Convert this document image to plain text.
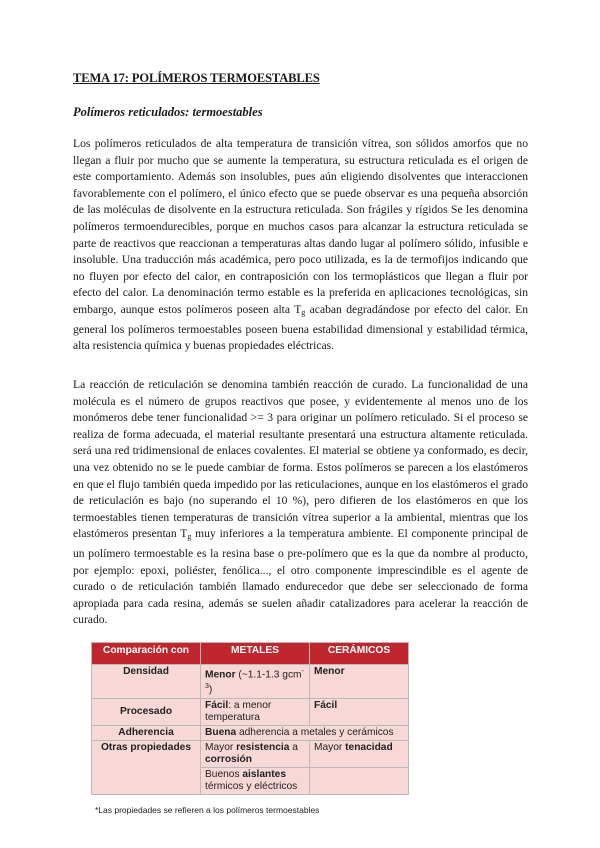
TEMA 17: POLÍMEROS TERMOESTABLES
Polímeros reticulados: termoestables

Los polímeros reticulados de alta temperatura de transición vítrea, son sólidos amorfos que no llegan a fluir por mucho que se aumente la temperatura, su estructura reticulada es el origen de este comportamiento. Además son insolubles, pues aún eligiendo disolventes que interaccionen favorablemente con el polímero, el único efecto que se puede observar es una pequeña absorción de las moléculas de disolvente en la estructura reticulada. Son frágiles y rígidos Se les denomina polímeros termoendurecibles, porque en muchos casos para alcanzar la estructura reticulada se parte de reactivos que reaccionan a temperaturas altas dando lugar al polímero sólido, infusible e insoluble. Una traducción más académica, pero poco utilizada, es la de termofijos indicando que no fluyen por efecto del calor, en contraposición con los termoplásticos que llegan a fluir por efecto del calor. La denominación termo estable es la preferida en aplicaciones tecnológicas, sin embargo, aunque estos polímeros poseen alta $T_g$ acaban degradándose por efecto del calor. En general los polímeros termoestables poseen buena estabilidad dimensional y estabilidad térmica, alta resistencia química y buenas propiedades eléctricas.

La reacción de reticulación se denomina también reacción de curado. La funcionalidad de una molécula es el número de grupos reactivos que posee, y evidentemente al menos uno de los monómeros debe tener funcionalidad >= 3 para originar un polímero reticulado. Si el proceso se realiza de forma adecuada, el material resultante presentará una estructura altamente reticulada. será una red tridimensional de enlaces covalentes. El material se obtiene ya conformado, es decir, una vez obtenido no se le puede cambiar de forma. Estos polímeros se parecen a los elastómeros en que el flujo también queda impedido por las reticulaciones, aunque en los elastómeros el grado de reticulación es bajo (no superando el 10 %), pero difieren de los elastómeros en que los termoestables tienen temperaturas de transición vítrea superior a la ambiental, mientras que los elastómeros presentan $T_g$ muy inferiores a la temperatura ambiente. El componente principal de un polímero termoestable es la resina base o pre-polímero que es la que da nombre al producto, por ejemplo: epoxi, poliéster, fenólica..., el otro componente imprescindible es el agente de curado o de reticulación también llamado endurecedor que debe ser seleccionado de forma apropiada para cada resina, además se suelen añadir catalizadores para acelerar la reacción de curado.

Comparación con	METALES	CERÁMICOS
Densidad	Menor (~1.1-1.3 gcm$^{-3}$)	Menor
Procesado	Fácil: a menor temperatura	Fácil
Adherencia	Buena adherencia a metales y cerámicos	
Otras propiedades	Mayor resistencia a corrosión	Mayor tenacidad
	Buenos aislantes térmicos y eléctricos	
*Las propiedades se refieren a los polímeros termoestables
